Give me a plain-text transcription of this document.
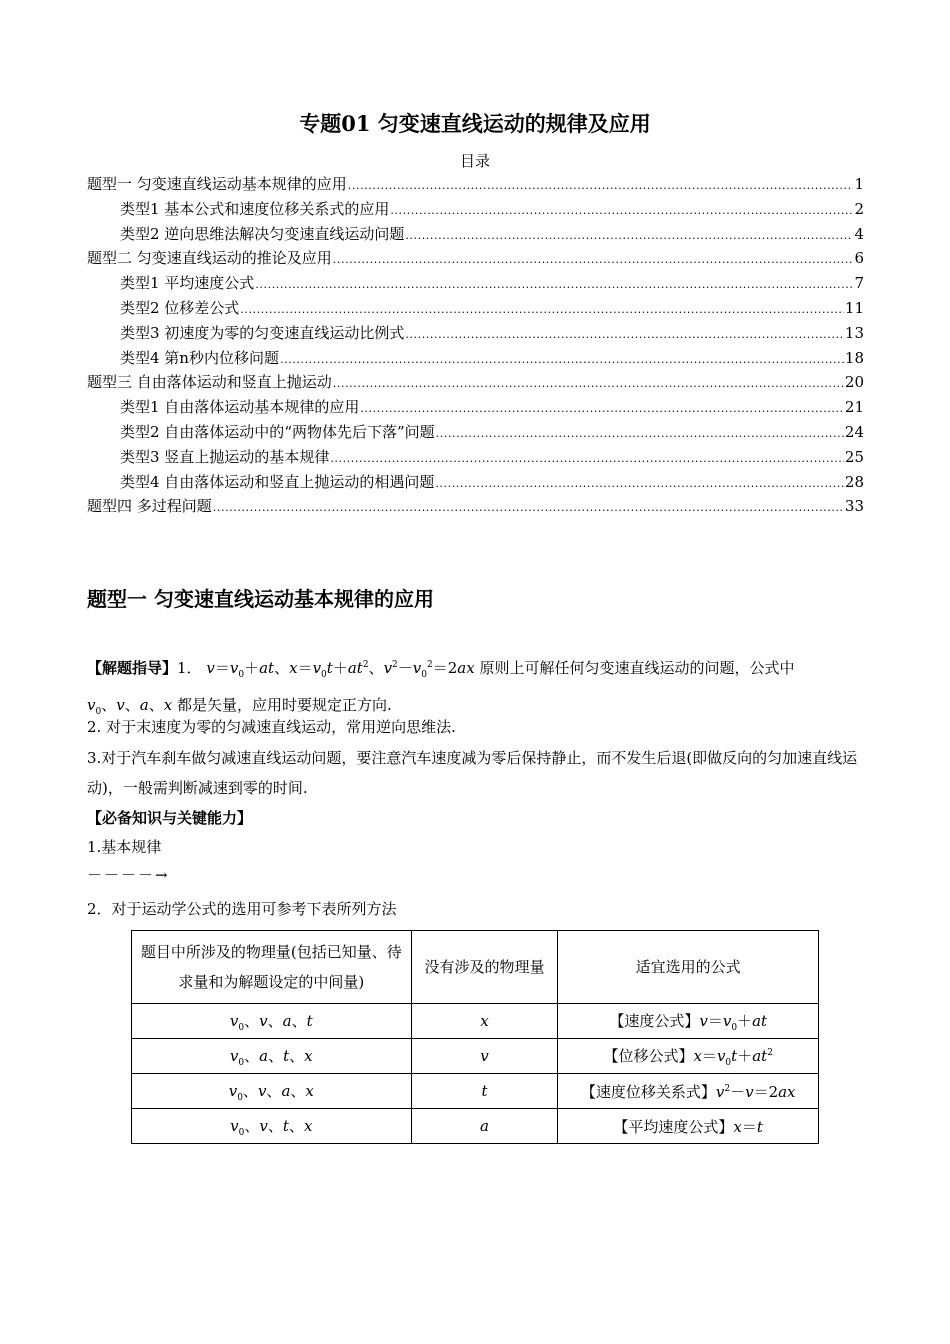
专题01 匀变速直线运动的规律及应用
目录
题型一 匀变速直线运动基本规律的应用 .....	1
类型1 基本公式和速度位移关系式的应用 .....	2
类型2 逆向思维法解决匀变速直线运动问题 .....	4
题型二 匀变速直线运动的推论及应用 .....	6
类型1 平均速度公式 .....	7
类型2 位移差公式 .....	11
类型3 初速度为零的匀变速直线运动比例式 .....	13
类型4 第n秒内位移问题 .....	18
题型三 自由落体运动和竖直上抛运动 .....	20
类型1 自由落体运动基本规律的应用 .....	21
类型2 自由落体运动中的“两物体先后下落”问题 .....	24
类型3 竖直上抛运动的基本规律 .....	25
类型4 自由落体运动和竖直上抛运动的相遇问题 .....	28
题型四 多过程问题 .....	33
题型一 匀变速直线运动基本规律的应用
【解题指导】1． $v=v_0+at$、$x=v_0t+at^2$、$v^2-v_0^2=2ax$ 原则上可解任何匀变速直线运动的问题，公式中
$v_0$、v、a、x 都是矢量，应用时要规定正方向.
2. 对于末速度为零的匀减速直线运动，常用逆向思维法.
3.对于汽车刹车做匀减速直线运动问题，要注意汽车速度减为零后保持静止，而不发生后退(即做反向的匀加速直线运动)，一般需判断减速到零的时间.
【必备知识与关键能力】
1.基本规律
－－－－→
2．对于运动学公式的选用可参考下表所列方法
题目中所涉及的物理量(包括已知量、待求量和为解题设定的中间量)	没有涉及的物理量	适宜选用的公式
$v_0$、v、a、t	x	【速度公式】$v=v_0+at$
$v_0$、a、t、x	v	【位移公式】$x=v_0t+at^2$
$v_0$、v、a、x	t	【速度位移关系式】$v^2-v=2ax$
$v_0$、v、t、x	a	【平均速度公式】x＝t
